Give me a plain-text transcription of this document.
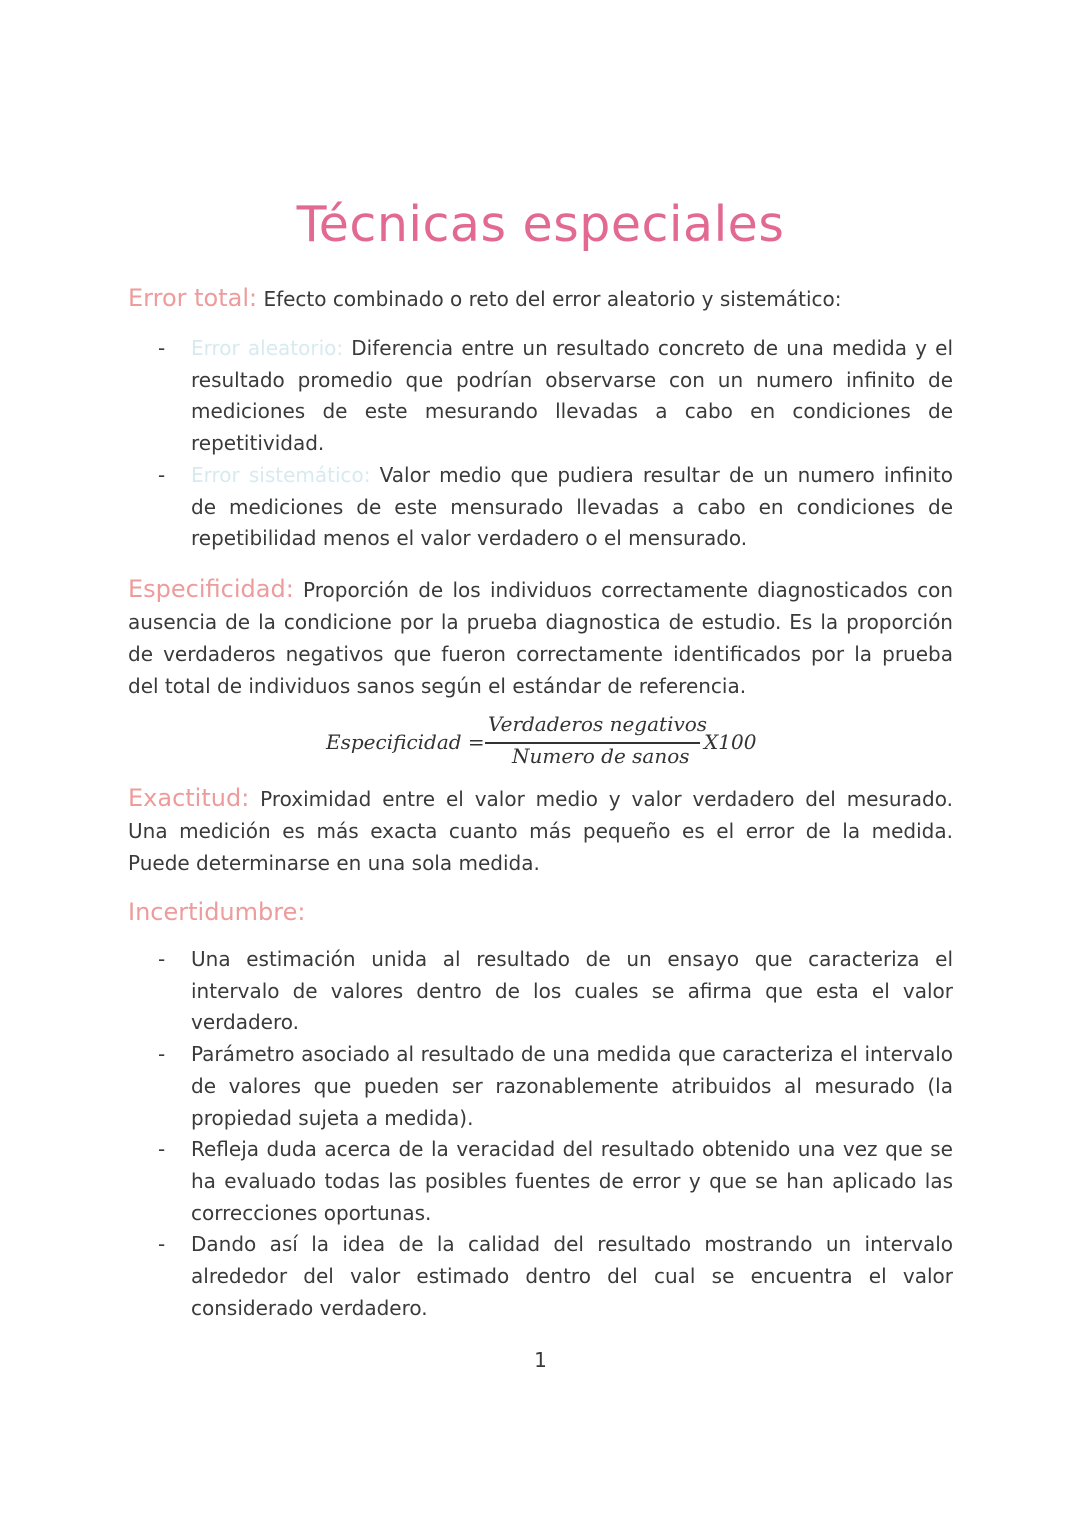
Técnicas especiales

Error total: Efecto combinado o reto del error aleatorio y sistemático:

- Error aleatorio: Diferencia entre un resultado concreto de una medida y el resultado promedio que podrían observarse con un numero infinito de mediciones de este mesurando llevadas a cabo en condiciones de repetitividad.
- Error sistemático: Valor medio que pudiera resultar de un numero infinito de mediciones de este mensurado llevadas a cabo en condiciones de repetibilidad menos el valor verdadero o el mensurado.

Especificidad: Proporción de los individuos correctamente diagnosticados con ausencia de la condicione por la prueba diagnostica de estudio. Es la proporción de verdaderos negativos que fueron correctamente identificados por la prueba del total de individuos sanos según el estándar de referencia.

Especificidad =
Verdaderos negativos
Numero de sanos
X100

Exactitud: Proximidad entre el valor medio y valor verdadero del mesurado. Una medición es más exacta cuanto más pequeño es el error de la medida. Puede determinarse en una sola medida.

Incertidumbre:

- Una estimación unida al resultado de un ensayo que caracteriza el intervalo de valores dentro de los cuales se afirma que esta el valor verdadero.
- Parámetro asociado al resultado de una medida que caracteriza el intervalo de valores que pueden ser razonablemente atribuidos al mesurado (la propiedad sujeta a medida).
- Refleja duda acerca de la veracidad del resultado obtenido una vez que se ha evaluado todas las posibles fuentes de error y que se han aplicado las correcciones oportunas.
- Dando así la idea de la calidad del resultado mostrando un intervalo alrededor del valor estimado dentro del cual se encuentra el valor considerado verdadero.
1
